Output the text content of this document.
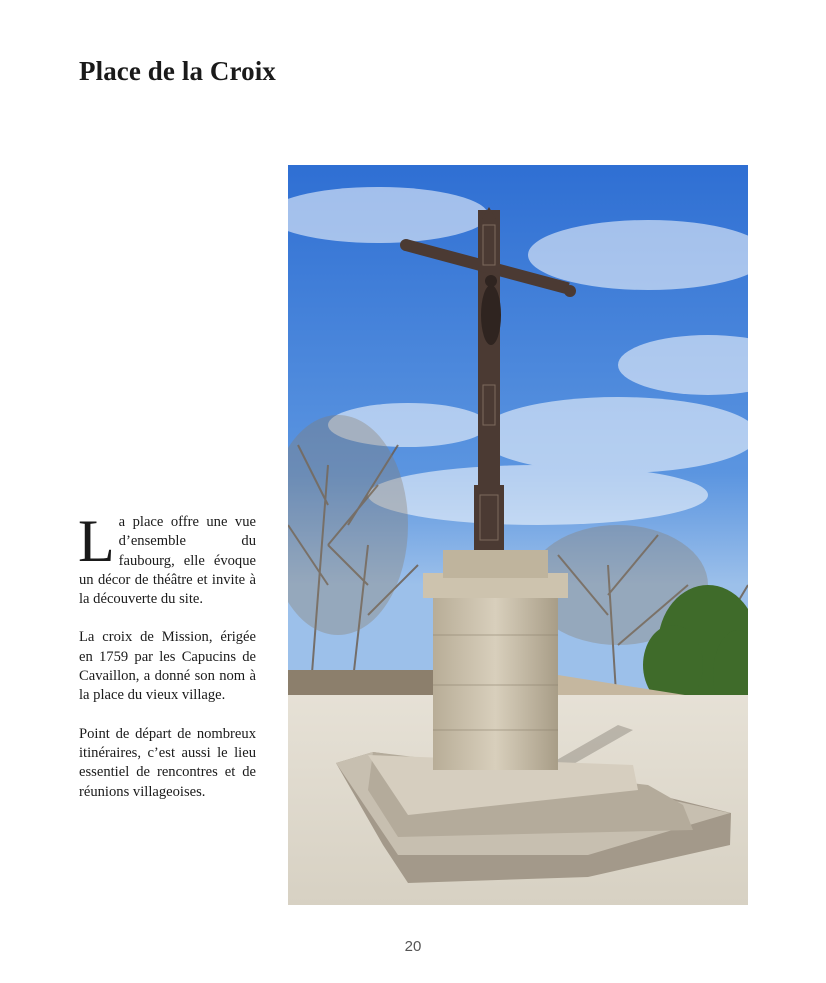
Place de la Croix

La place offre une vue d’ensemble du faubourg, elle évoque un décor de théâtre et invite à la découverte du site.

La croix de Mission, érigée en 1759 par les Capucins de Cavaillon, a donné son nom à la place du vieux village.

Point de départ de nombreux itinéraires, c’est aussi le lieu essentiel de rencontres et de réunions villageoises.

20
